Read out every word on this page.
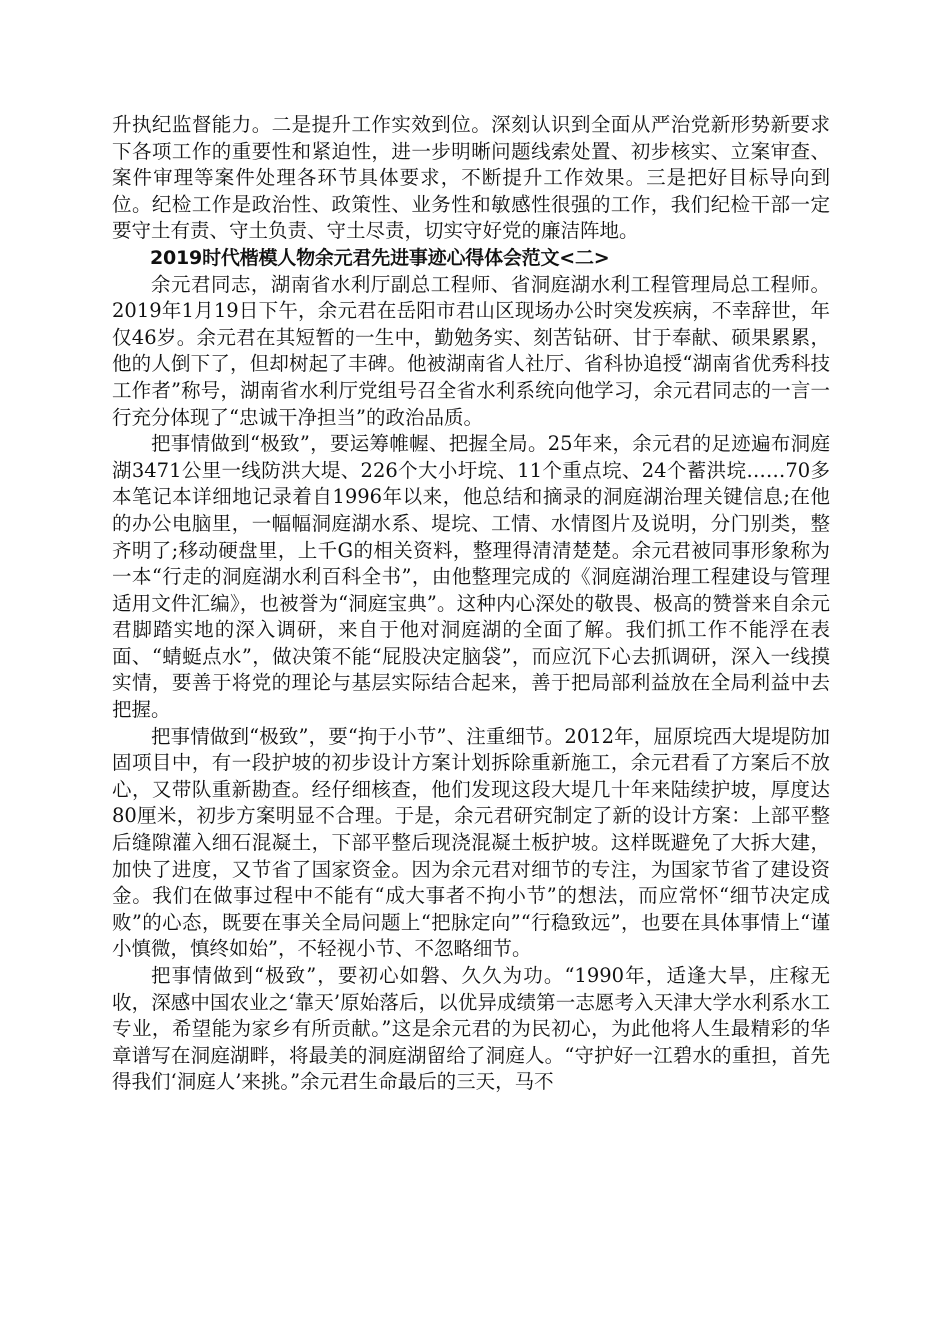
升执纪监督能力。二是提升工作实效到位。深刻认识到全面从严治党新形势新要求下各项工作的重要性和紧迫性，进一步明晰问题线索处置、初步核实、立案审查、案件审理等案件处理各环节具体要求，不断提升工作效果。三是把好目标导向到位。纪检工作是政治性、政策性、业务性和敏感性很强的工作，我们纪检干部一定要守土有责、守土负责、守土尽责，切实守好党的廉洁阵地。

2019时代楷模人物余元君先进事迹心得体会范文<二>

余元君同志，湖南省水利厅副总工程师、省洞庭湖水利工程管理局总工程师。2019年1月19日下午，余元君在岳阳市君山区现场办公时突发疾病，不幸辞世，年仅46岁。余元君在其短暂的一生中，勤勉务实、刻苦钻研、甘于奉献、硕果累累，他的人倒下了，但却树起了丰碑。他被湖南省人社厅、省科协追授“湖南省优秀科技工作者”称号，湖南省水利厅党组号召全省水利系统向他学习，余元君同志的一言一行充分体现了“忠诚干净担当”的政治品质。

把事情做到“极致”，要运筹帷幄、把握全局。25年来，余元君的足迹遍布洞庭湖3471公里一线防洪大堤、226个大小圩垸、11个重点垸、24个蓄洪垸……70多本笔记本详细地记录着自1996年以来，他总结和摘录的洞庭湖治理关键信息;在他的办公电脑里，一幅幅洞庭湖水系、堤垸、工情、水情图片及说明，分门别类，整齐明了;移动硬盘里，上千G的相关资料，整理得清清楚楚。余元君被同事形象称为一本“行走的洞庭湖水利百科全书”，由他整理完成的《洞庭湖治理工程建设与管理适用文件汇编》，也被誉为“洞庭宝典”。这种内心深处的敬畏、极高的赞誉来自余元君脚踏实地的深入调研，来自于他对洞庭湖的全面了解。我们抓工作不能浮在表面、“蜻蜓点水”，做决策不能“屁股决定脑袋”，而应沉下心去抓调研，深入一线摸实情，要善于将党的理论与基层实际结合起来，善于把局部利益放在全局利益中去把握。

把事情做到“极致”，要“拘于小节”、注重细节。2012年，屈原垸西大堤堤防加固项目中，有一段护坡的初步设计方案计划拆除重新施工，余元君看了方案后不放心，又带队重新勘查。经仔细核查，他们发现这段大堤几十年来陆续护坡，厚度达80厘米，初步方案明显不合理。于是，余元君研究制定了新的设计方案：上部平整后缝隙灌入细石混凝土，下部平整后现浇混凝土板护坡。这样既避免了大拆大建，加快了进度，又节省了国家资金。因为余元君对细节的专注，为国家节省了建设资金。我们在做事过程中不能有“成大事者不拘小节”的想法，而应常怀“细节决定成败”的心态，既要在事关全局问题上“把脉定向”“行稳致远”，也要在具体事情上“谨小慎微，慎终如始”，不轻视小节、不忽略细节。

把事情做到“极致”，要初心如磐、久久为功。“1990年，适逢大旱，庄稼无收，深感中国农业之‘靠天’原始落后，以优异成绩第一志愿考入天津大学水利系水工专业，希望能为家乡有所贡献。”这是余元君的为民初心，为此他将人生最精彩的华章谱写在洞庭湖畔，将最美的洞庭湖留给了洞庭人。“守护好一江碧水的重担，首先得我们‘洞庭人’来挑。”余元君生命最后的三天，马不
